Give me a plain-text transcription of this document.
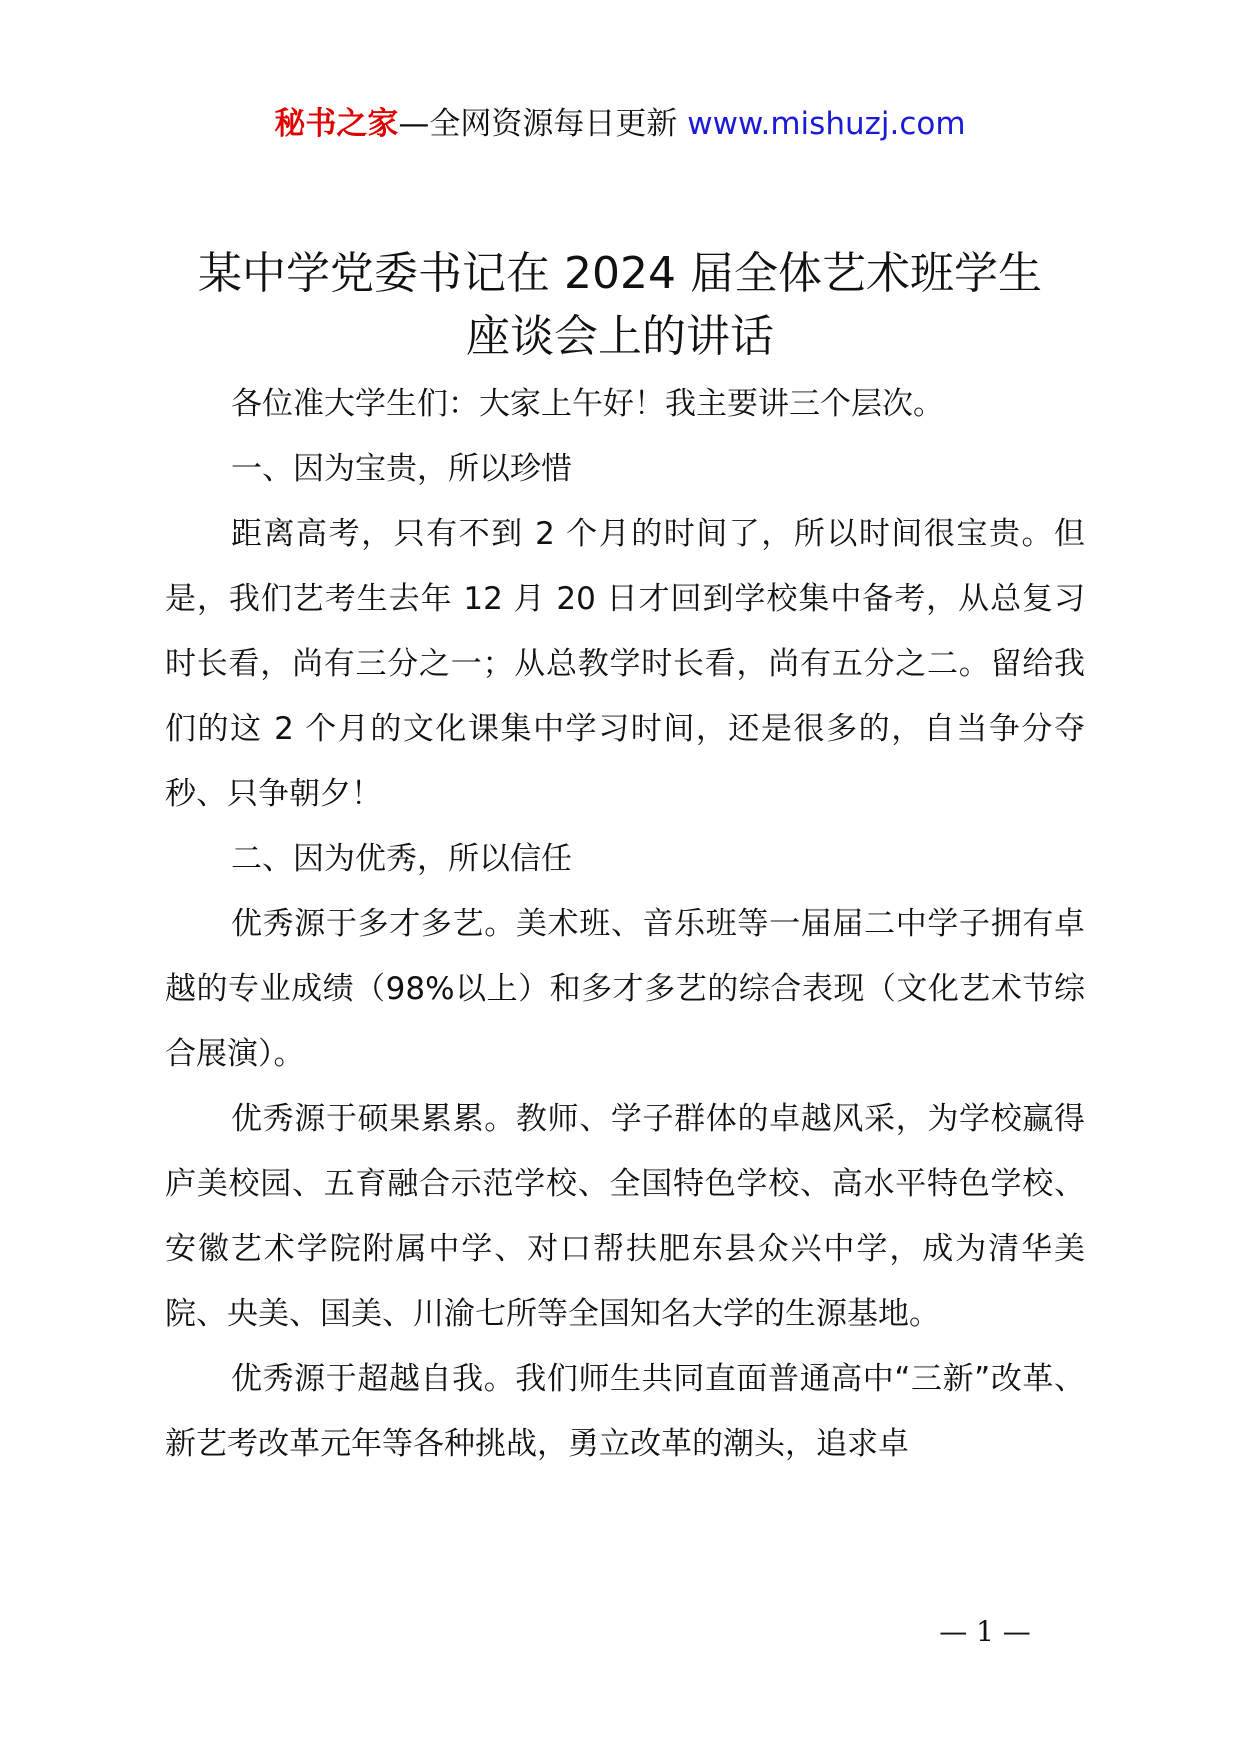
秘书之家—全网资源每日更新 www.mishuzj.com
某中学党委书记在 2024 届全体艺术班学生
座谈会上的讲话

各位准大学生们：大家上午好！我主要讲三个层次。

一、因为宝贵，所以珍惜

距离高考，只有不到 2 个月的时间了，所以时间很宝贵。但是，我们艺考生去年 12 月 20 日才回到学校集中备考，从总复习时长看，尚有三分之一；从总教学时长看，尚有五分之二。留给我们的这 2 个月的文化课集中学习时间，还是很多的，自当争分夺秒、只争朝夕！

二、因为优秀，所以信任

优秀源于多才多艺。美术班、音乐班等一届届二中学子拥有卓越的专业成绩（98%以上）和多才多艺的综合表现（文化艺术节综合展演）。

优秀源于硕果累累。教师、学子群体的卓越风采，为学校赢得庐美校园、五育融合示范学校、全国特色学校、高水平特色学校、安徽艺术学院附属中学、对口帮扶肥东县众兴中学，成为清华美院、央美、国美、川渝七所等全国知名大学的生源基地。

优秀源于超越自我。我们师生共同直面普通高中“三新”改革、新艺考改革元年等各种挑战，勇立改革的潮头，追求卓

— 1 —
